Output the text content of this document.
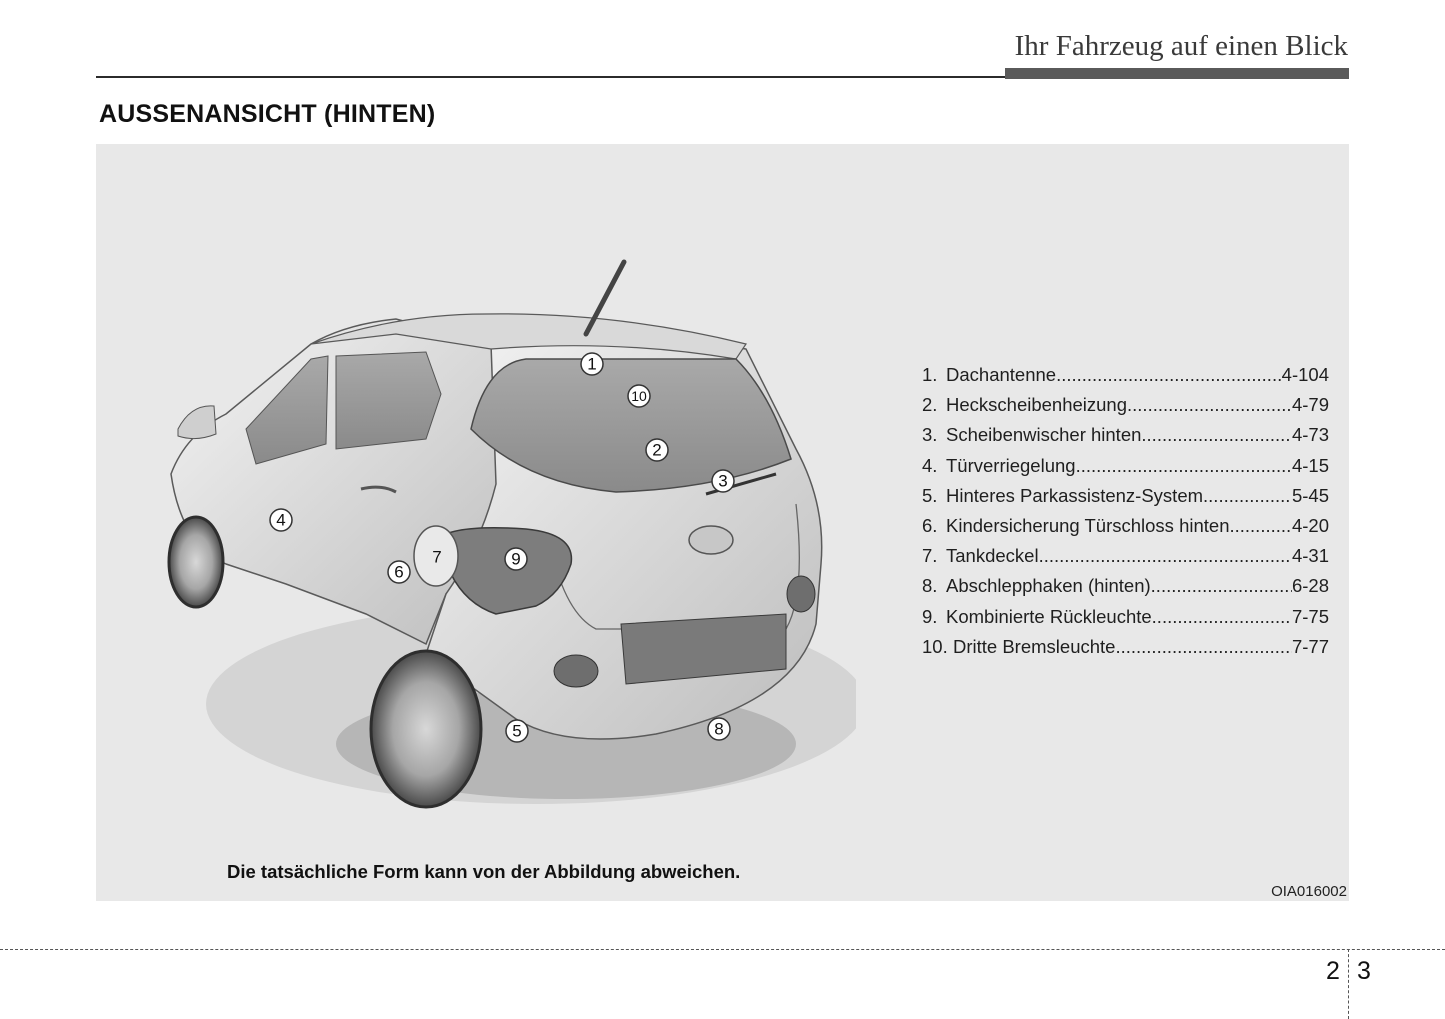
Ihr Fahrzeug auf einen Blick
AUSSENANSICHT (HINTEN)
1
10
2
3
4
6
9
7
5	8
1. Dachantenne .....	4-104
2. Heckscheibenheizung .....	4-79
3. Scheibenwischer hinten .....	4-73
4. Türverriegelung .....	4-15
5. Hinteres Parkassistenz-System .....	5-45
6. Kindersicherung Türschloss hinten .....	4-20
7. Tankdeckel .....	4-31
8. Abschlepphaken (hinten) .....	6-28
9. Kombinierte Rückleuchte .....	7-75
10. Dritte Bremsleuchte .....	7-77
Die tatsächliche Form kann von der Abbildung abweichen.
OIA016002
2 3
